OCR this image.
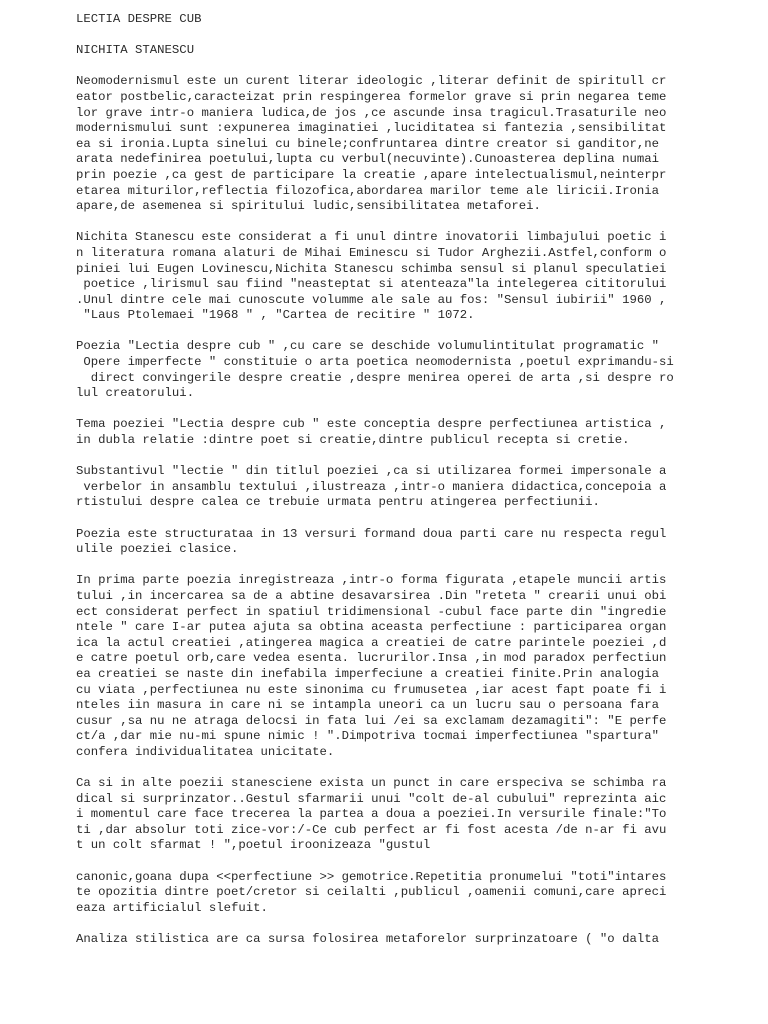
LECTIA DESPRE CUB
NICHITA STANESCU
Neomodernismul este un curent literar ideologic ,literar definit de spiritull cr
eator postbelic,caracteizat prin respingerea formelor grave si prin negarea teme
lor grave intr-o maniera ludica,de jos ,ce ascunde insa tragicul.Trasaturile neo
modernismului sunt :expunerea imaginatiei ,luciditatea si fantezia ,sensibilitat
ea si ironia.Lupta sinelui cu binele;confruntarea dintre creator si ganditor,ne
arata nedefinirea poetului,lupta cu verbul(necuvinte).Cunoasterea deplina numai
prin poezie ,ca gest de participare la creatie ,apare intelectualismul,neinterpr
etarea miturilor,reflectia filozofica,abordarea marilor teme ale liricii.Ironia
apare,de asemenea si spiritului ludic,sensibilitatea metaforei.
Nichita Stanescu este considerat a fi unul dintre inovatorii limbajului poetic i
n literatura romana alaturi de Mihai Eminescu si Tudor Arghezii.Astfel,conform o
piniei lui Eugen Lovinescu,Nichita Stanescu schimba sensul si planul speculatiei
poetice ,lirismul sau fiind "neasteptat si atenteaza"la intelegerea cititorului
.Unul dintre cele mai cunoscute volumme ale sale au fos: "Sensul iubirii" 1960 ,
"Laus Ptolemaei "1968 " , "Cartea de recitire " 1072.
Poezia "Lectia despre cub " ,cu care se deschide volumulintitulat programatic "
Opere imperfecte " constituie o arta poetica neomodernista ,poetul exprimandu-si
direct convingerile despre creatie ,despre menirea operei de arta ,si despre ro
lul creatorului.
Tema poeziei "Lectia despre cub " este conceptia despre perfectiunea artistica ,
in dubla relatie :dintre poet si creatie,dintre publicul recepta si cretie.
Substantivul "lectie " din titlul poeziei ,ca si utilizarea formei impersonale a
verbelor in ansamblu textului ,ilustreaza ,intr-o maniera didactica,concepoia a
rtistului despre calea ce trebuie urmata pentru atingerea perfectiunii.
Poezia este structurataa in 13 versuri formand doua parti care nu respecta regul
ulile poeziei clasice.
In prima parte poezia inregistreaza ,intr-o forma figurata ,etapele muncii artis
tului ,in incercarea sa de a abtine desavarsirea .Din "reteta " crearii unui obi
ect considerat perfect in spatiul tridimensional -cubul face parte din "ingredie
ntele " care I-ar putea ajuta sa obtina aceasta perfectiune : participarea organ
ica la actul creatiei ,atingerea magica a creatiei de catre parintele poeziei ,d
e catre poetul orb,care vedea esenta. lucrurilor.Insa ,in mod paradox perfectiun
ea creatiei se naste din inefabila imperfeciune a creatiei finite.Prin analogia
cu viata ,perfectiunea nu este sinonima cu frumusetea ,iar acest fapt poate fi i
nteles iin masura in care ni se intampla uneori ca un lucru sau o persoana fara
cusur ,sa nu ne atraga delocsi in fata lui /ei sa exclamam dezamagiti": "E perfe
ct/a ,dar mie nu-mi spune nimic ! ".Dimpotriva tocmai imperfectiunea "spartura"
confera individualitatea unicitate.
Ca si in alte poezii stanesciene exista un punct in care erspeciva se schimba ra
dical si surprinzator..Gestul sfarmarii unui "colt de-al cubului" reprezinta aic
i momentul care face trecerea la partea a doua a poeziei.In versurile finale:"To
ti ,dar absolur toti zice-vor:/-Ce cub perfect ar fi fost acesta /de n-ar fi avu
t un colt sfarmat ! ",poetul iroonizeaza "gustul
canonic,goana dupa <<perfectiune >> gemotrice.Repetitia pronumelui "toti"intares
te opozitia dintre poet/cretor si ceilalti ,publicul ,oamenii comuni,care apreci
eaza artificialul slefuit.
Analiza stilistica are ca sursa folosirea metaforelor surprinzatoare ( "o dalta
